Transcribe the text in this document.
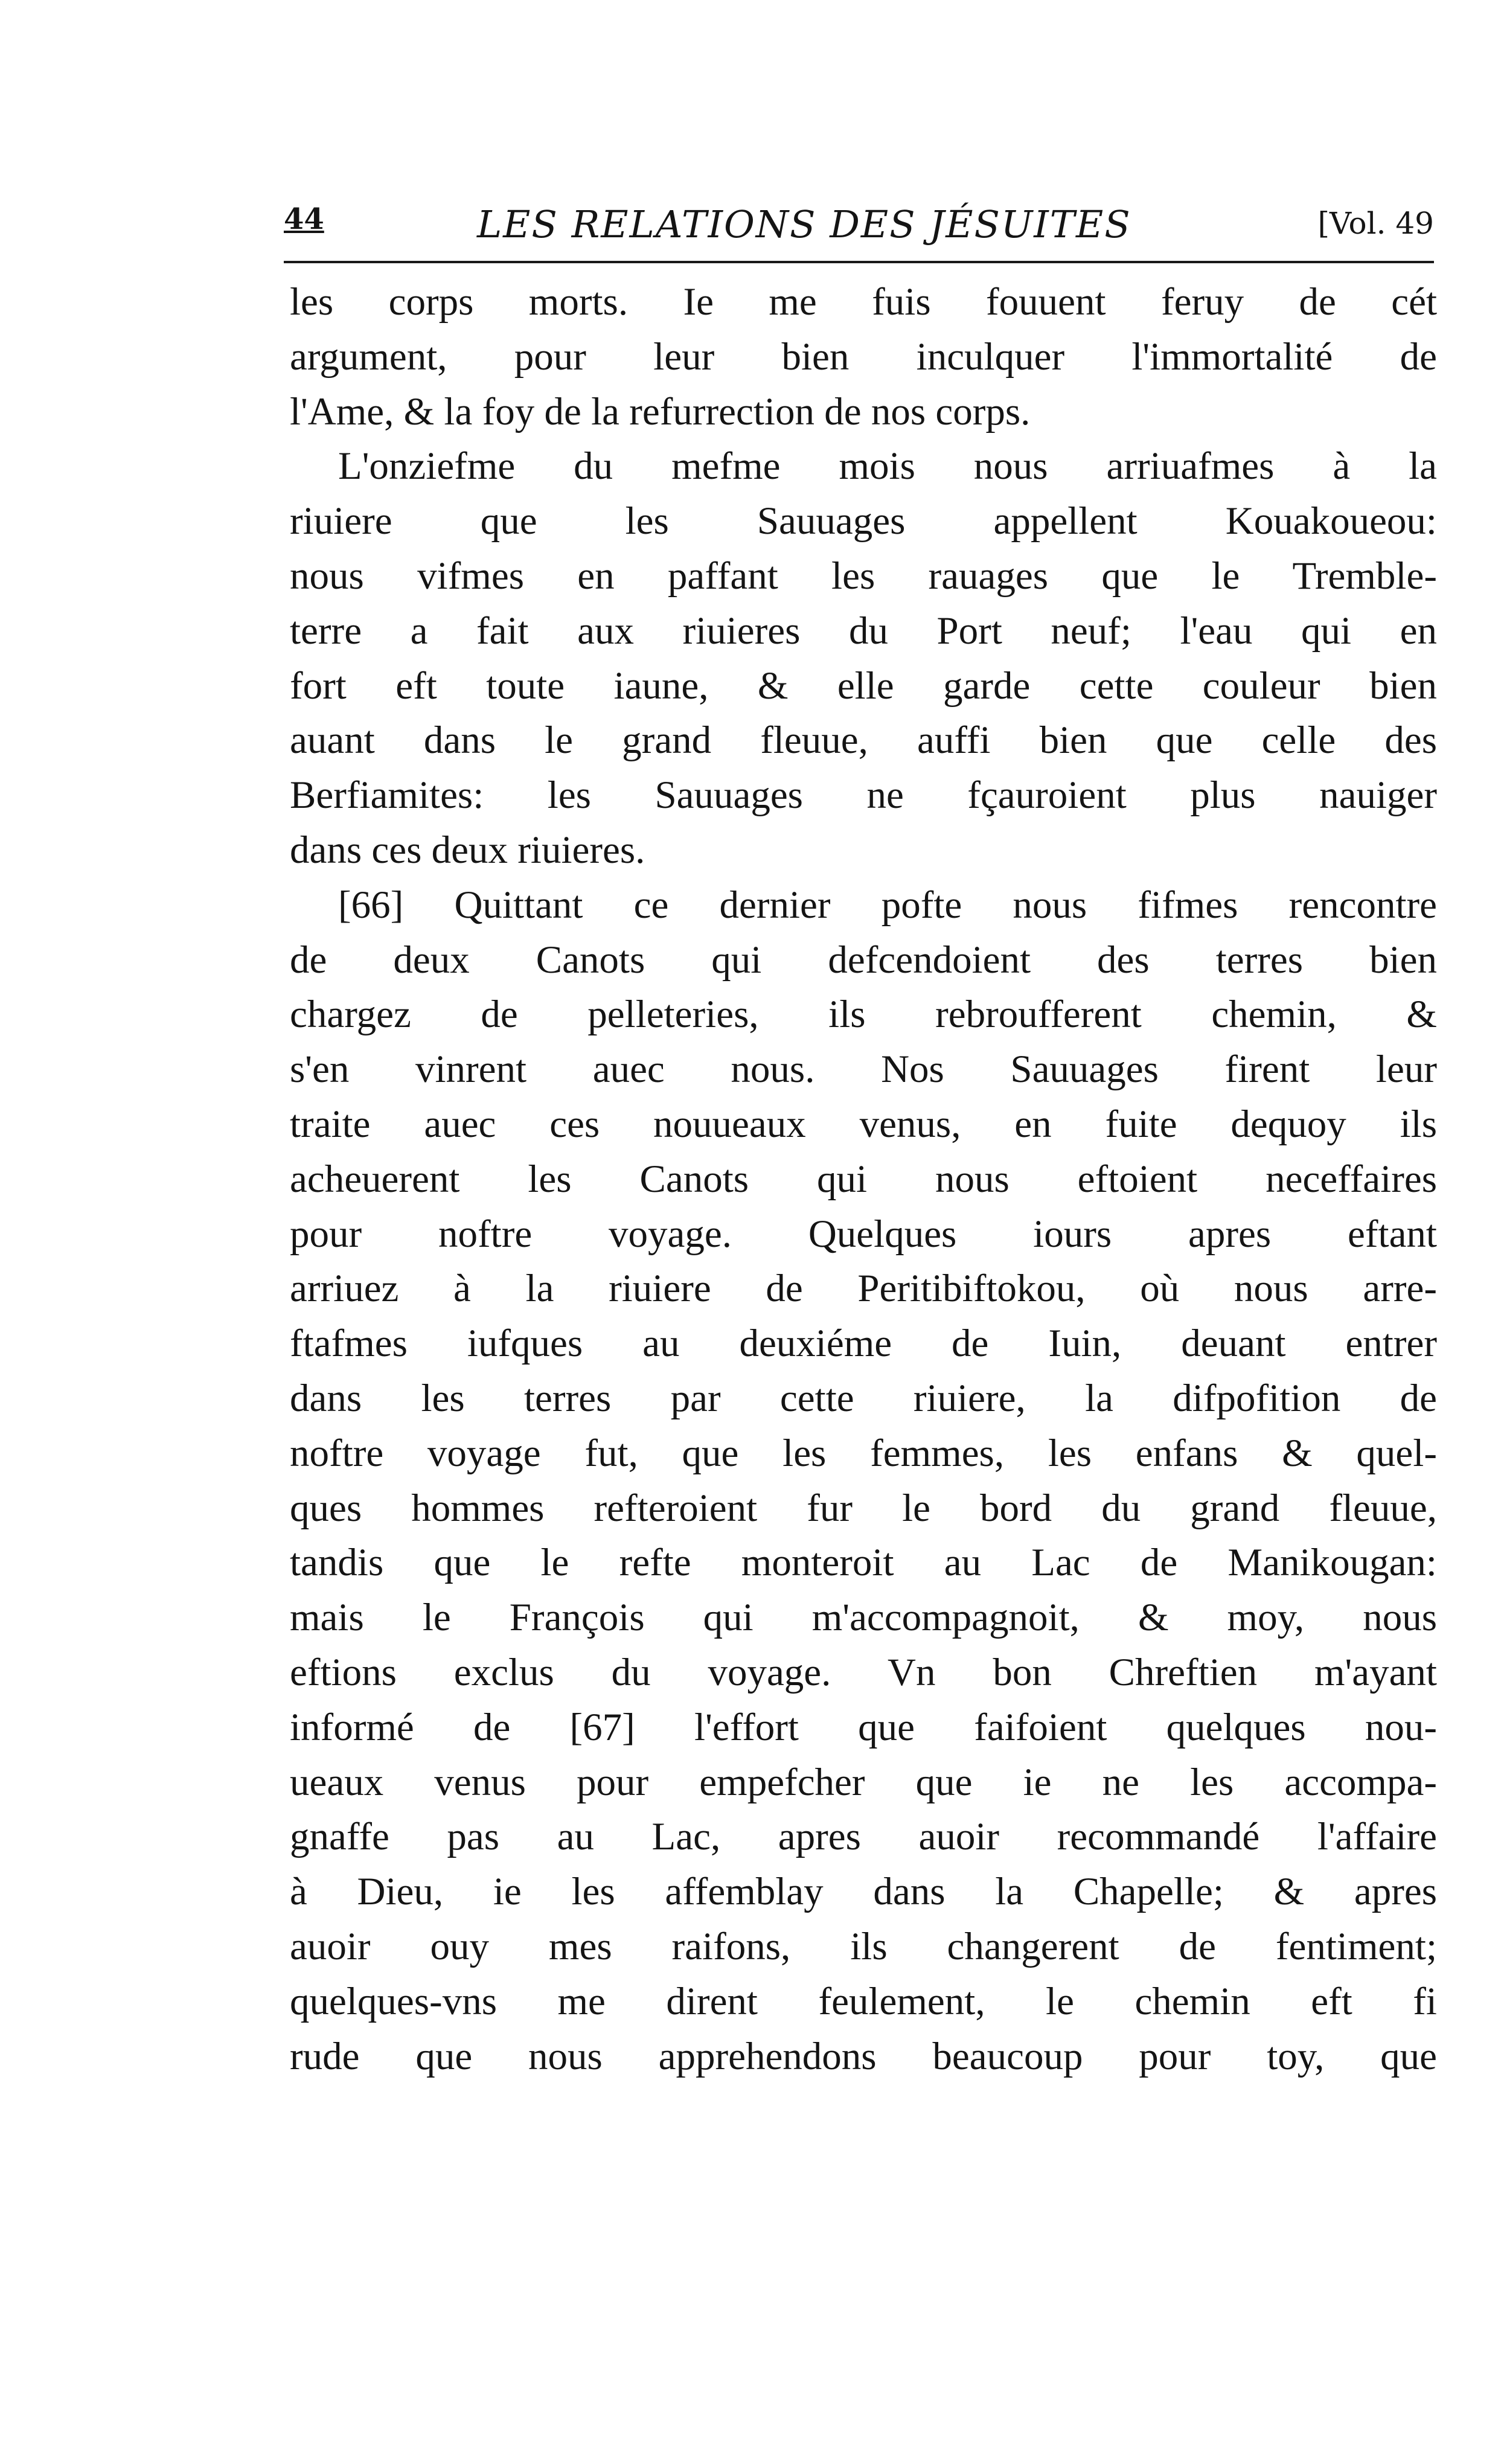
44	LES RELATIONS DES JÉSUITES	[Vol. 49
les corps morts. Ie me fuis fouuent feruy de cét
argument, pour leur bien inculquer l'immortalité de
l'Ame, & la foy de la refurrection de nos corps.
L'onziefme du mefme mois nous arriuafmes à la
riuiere que les Sauuages appellent Kouakoueou:
nous vifmes en paffant les rauages que le Tremble-
terre a fait aux riuieres du Port neuf; l'eau qui en
fort eft toute iaune, & elle garde cette couleur bien
auant dans le grand fleuue, auffi bien que celle des
Berfiamites: les Sauuages ne fçauroient plus nauiger
dans ces deux riuieres.
[66] Quittant ce dernier pofte nous fifmes rencontre
de deux Canots qui defcendoient des terres bien
chargez de pelleteries, ils rebroufferent chemin, &
s'en vinrent auec nous. Nos Sauuages firent leur
traite auec ces nouueaux venus, en fuite dequoy ils
acheuerent les Canots qui nous eftoient neceffaires
pour noftre voyage. Quelques iours apres eftant
arriuez à la riuiere de Peritibiftokou, où nous arre-
ftafmes iufques au deuxiéme de Iuin, deuant entrer
dans les terres par cette riuiere, la difpofition de
noftre voyage fut, que les femmes, les enfans & quel-
ques hommes refteroient fur le bord du grand fleuue,
tandis que le refte monteroit au Lac de Manikougan:
mais le François qui m'accompagnoit, & moy, nous
eftions exclus du voyage. Vn bon Chreftien m'ayant
informé de [67] l'effort que faifoient quelques nou-
ueaux venus pour empefcher que ie ne les accompa-
gnaffe pas au Lac, apres auoir recommandé l'affaire
à Dieu, ie les affemblay dans la Chapelle; & apres
auoir ouy mes raifons, ils changerent de fentiment;
quelques-vns me dirent feulement, le chemin eft fi
rude que nous apprehendons beaucoup pour toy, que
